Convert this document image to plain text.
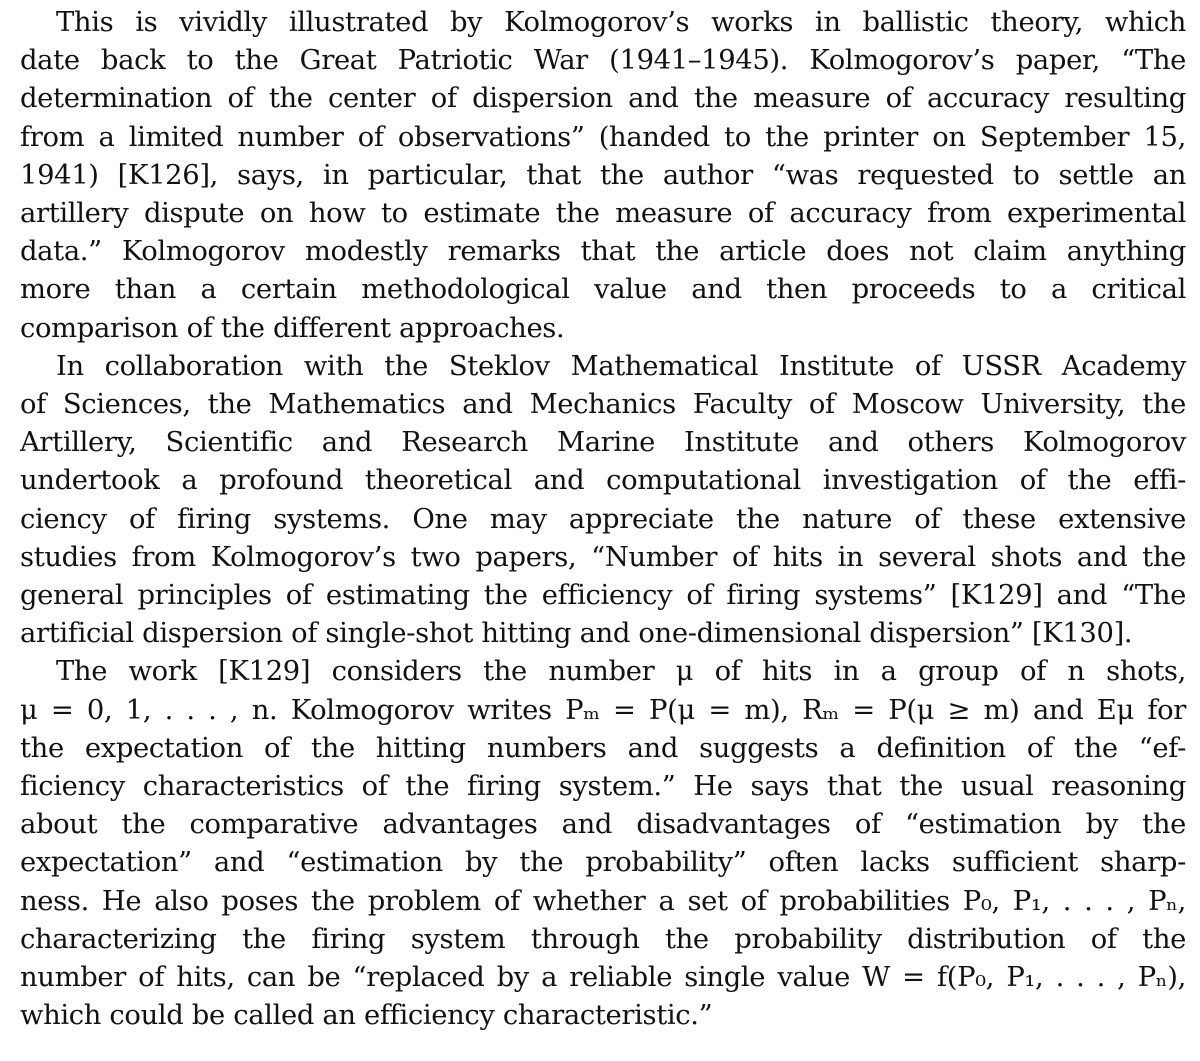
This is vividly illustrated by Kolmogorov’s works in ballistic theory, which
date back to the Great Patriotic War (1941–1945). Kolmogorov’s paper, “The
determination of the center of dispersion and the measure of accuracy resulting
from a limited number of observations” (handed to the printer on September 15,
1941) [K126], says, in particular, that the author “was requested to settle an
artillery dispute on how to estimate the measure of accuracy from experimental
data.” Kolmogorov modestly remarks that the article does not claim anything
more than a certain methodological value and then proceeds to a critical
comparison of the different approaches.

In collaboration with the Steklov Mathematical Institute of USSR Academy
of Sciences, the Mathematics and Mechanics Faculty of Moscow University, the
Artillery, Scientific and Research Marine Institute and others Kolmogorov
undertook a profound theoretical and computational investigation of the effi-
ciency of firing systems. One may appreciate the nature of these extensive
studies from Kolmogorov’s two papers, “Number of hits in several shots and the
general principles of estimating the efficiency of firing systems” [K129] and “The
artificial dispersion of single-shot hitting and one-dimensional dispersion” [K130].

The work [K129] considers the number μ of hits in a group of n shots,
μ = 0, 1, . . . , n. Kolmogorov writes Pₘ = P(μ = m), Rₘ = P(μ ≥ m) and Eμ for
the expectation of the hitting numbers and suggests a definition of the “ef-
ficiency characteristics of the firing system.” He says that the usual reasoning
about the comparative advantages and disadvantages of “estimation by the
expectation” and “estimation by the probability” often lacks sufficient sharp-
ness. He also poses the problem of whether a set of probabilities P₀, P₁, . . . , Pₙ,
characterizing the firing system through the probability distribution of the
number of hits, can be “replaced by a reliable single value W = f(P₀, P₁, . . . , Pₙ),
which could be called an efficiency characteristic.”
